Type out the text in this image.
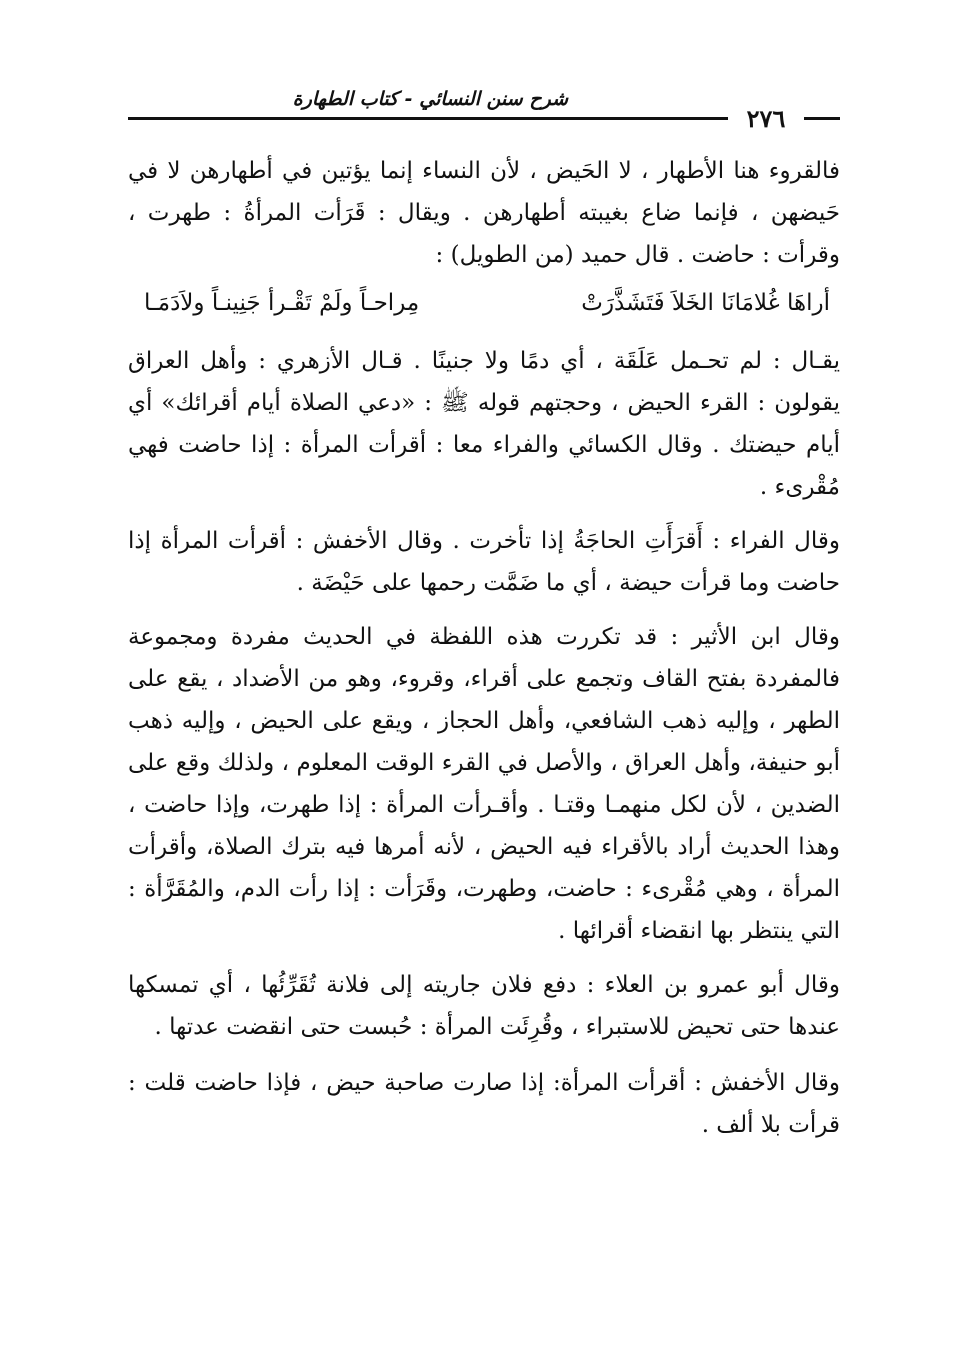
شرح سنن النسائي - كتاب الطهارة
٢٧٦

فالقروء هنا الأطهار ، لا الحَيض ، لأن النساء إنما يؤتين في أطهارهن لا في حَيضهن ، فإنما ضاع بغيبته أطهارهن . ويقال : قَرَأت المرأةُ : طهرت ، وقرأت : حاضت . قال حميد (من الطويل) :

أراهَا غُلامَانَا الخَلاَ فَتَشَذَّرَتْ
مِراحـاً ولَمْ تَقْـرأ جَنِينـاً ولاَدَمَـا

يقـال : لم تحـمل عَلَقَة ، أي دمًا ولا جنينًا . قـال الأزهري : وأهل العراق يقولون : القرء الحيض ، وحجتهم قوله ﷺ : «دعي الصلاة أيام أقرائك» أي أيام حيضتك . وقال الكسائي والفراء معا : أقرأت المرأة : إذا حاضت فهي مُقْرىء .

وقال الفراء : أَقرَأَتِ الحاجَةُ إذا تأخرت . وقال الأخفش : أقرأت المرأة إذا حاضت وما قرأت حيضة ، أي ما ضَمَّت رحمها على حَيْضَة .

وقال ابن الأثير : قد تكررت هذه اللفظة في الحديث مفردة ومجموعة فالمفردة بفتح القاف وتجمع على أقراء، وقروء، وهو من الأضداد ، يقع على الطهر ، وإليه ذهب الشافعي، وأهل الحجاز ، ويقع على الحيض ، وإليه ذهب أبو حنيفة، وأهل العراق ، والأصل في القرء الوقت المعلوم ، ولذلك وقع على الضدين ، لأن لكل منهمـا وقتـا . وأقـرأت المرأة : إذا طهرت، وإذا حاضت ، وهذا الحديث أراد بالأقراء فيه الحيض ، لأنه أمرها فيه بترك الصلاة، وأقرأت المرأة ، وهي مُقْرىء : حاضت، وطهرت، وقَرَأت : إذا رأت الدم، والمُقَرَّأة : التي ينتظر بها انقضاء أقرائها .

وقال أبو عمرو بن العلاء : دفع فلان جاريته إلى فلانة تُقَرِّئُها ، أي تمسكها عندها حتى تحيض للاستبراء ، وقُرِئَت المرأة : حُبست حتى انقضت عدتها .

وقال الأخفش : أقرأت المرأة: إذا صارت صاحبة حيض ، فإذا حاضت قلت : قرأت بلا ألف .
